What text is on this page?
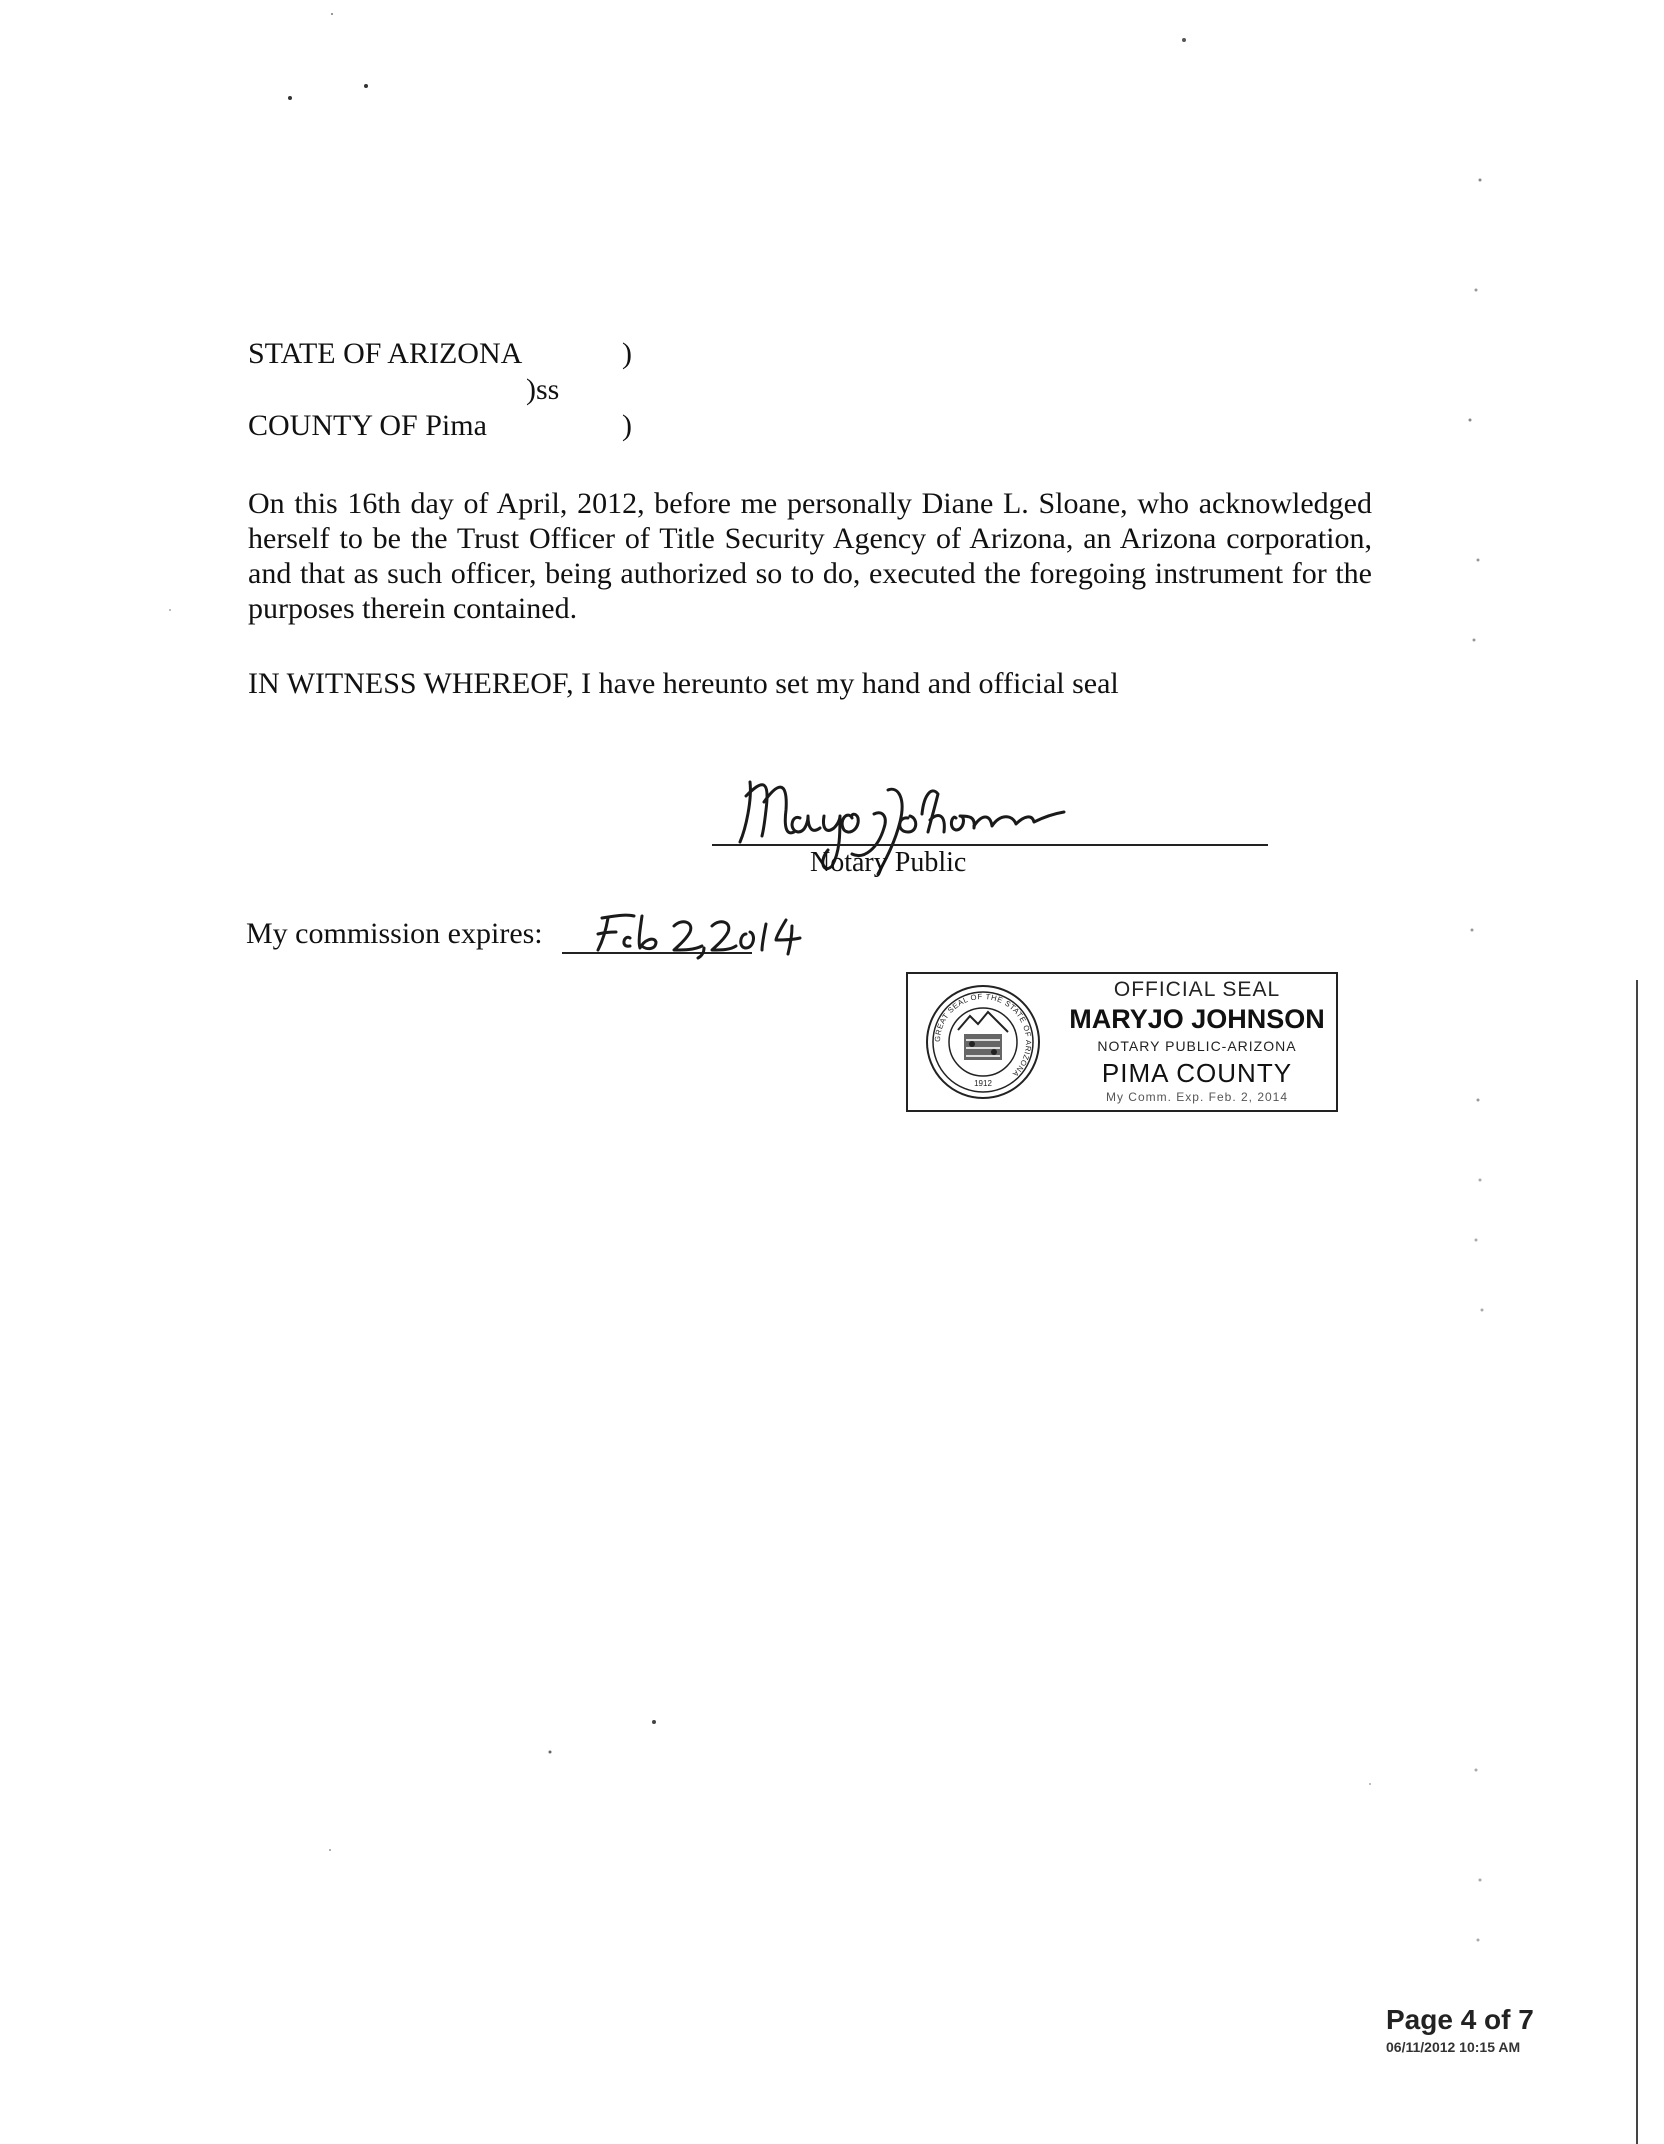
STATE OF ARIZONA	)
)ss
COUNTY OF Pima	)

On this 16th day of April, 2012, before me personally Diane L. Sloane, who acknowledged herself to be the Trust Officer of Title Security Agency of Arizona, an Arizona corporation, and that as such officer, being authorized so to do, executed the foregoing instrument for the purposes therein contained.

IN WITNESS WHEREOF, I have hereunto set my hand and official seal

Notary Public
My commission expires:
GREAT SEAL OF THE STATE OF ARIZONA
1912
OFFICIAL SEAL
MARYJO JOHNSON
NOTARY PUBLIC-ARIZONA
PIMA COUNTY
My Comm. Exp. Feb. 2, 2014
Page 4 of 7
06/11/2012 10:15 AM
